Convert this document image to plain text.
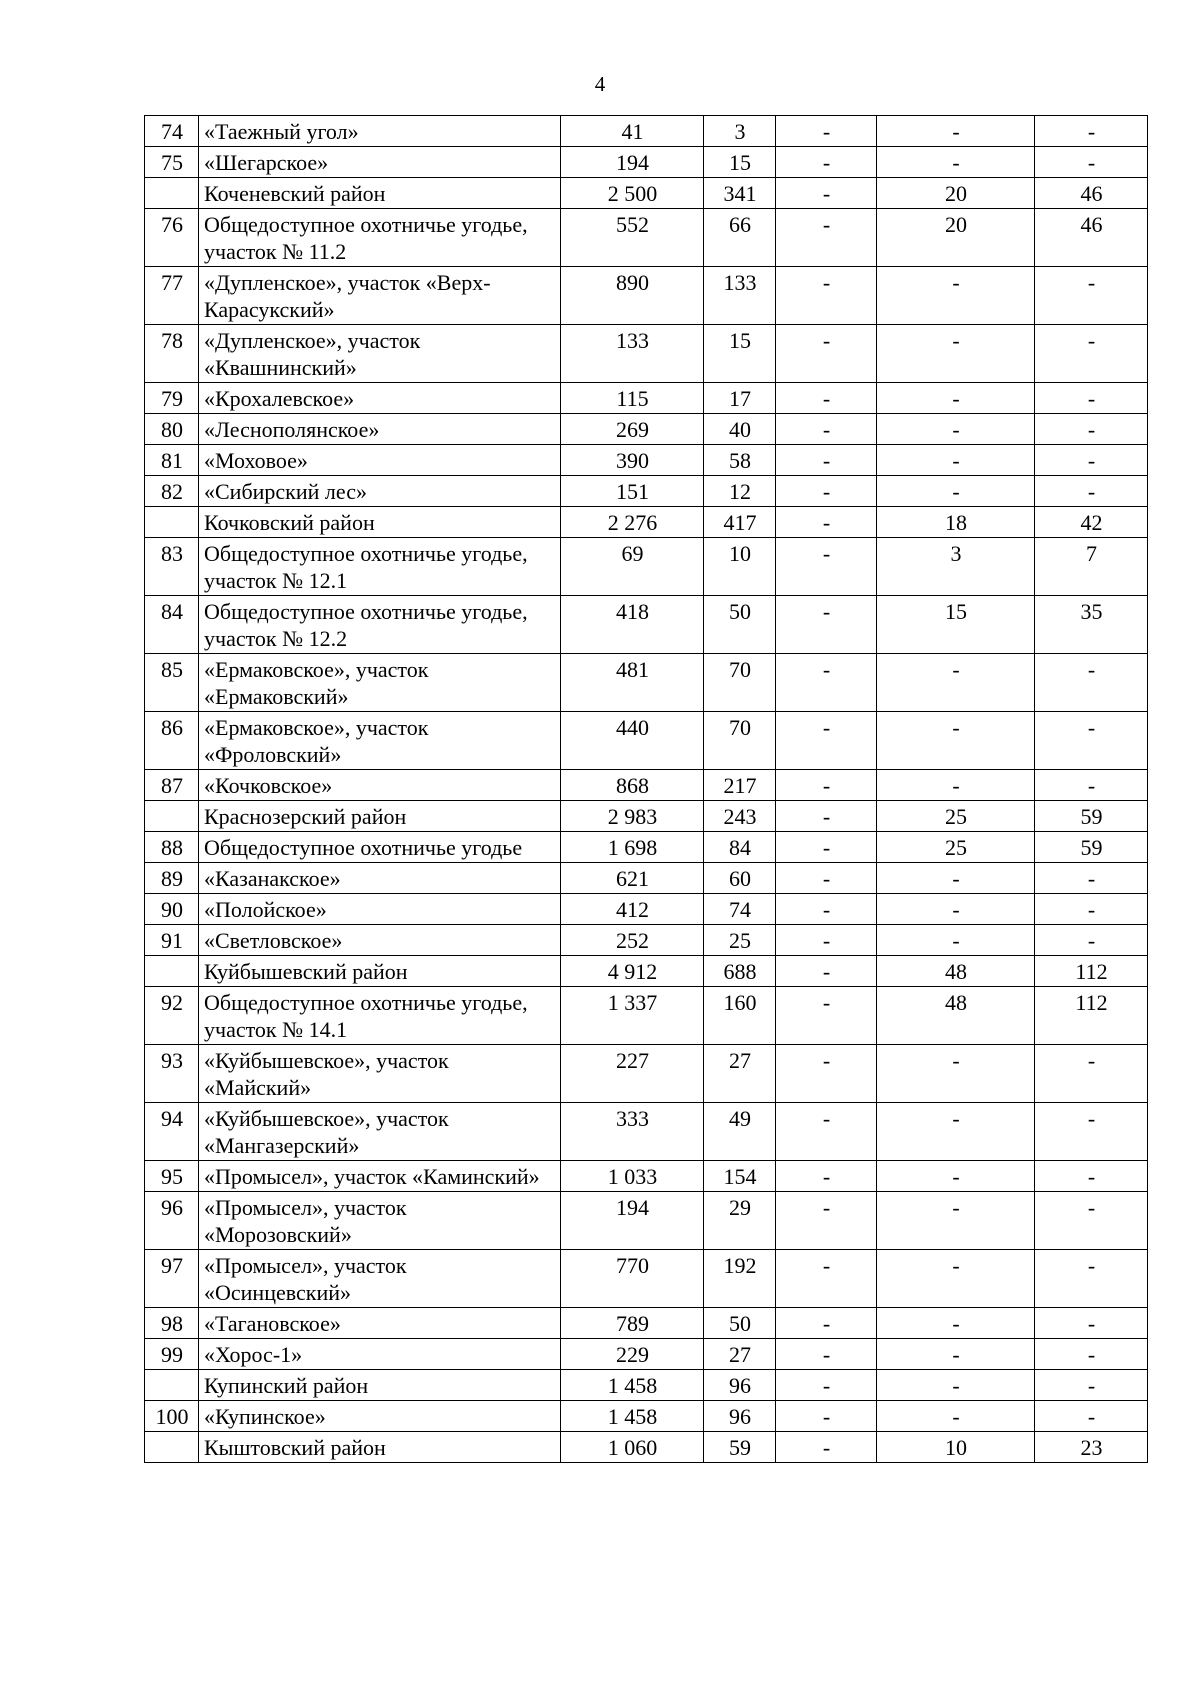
4
74	«Таежный угол»	41	3	-	-	-
75	«Шегарское»	194	15	-	-	-
	Коченевский район	2 500	341	-	20	46
76	Общедоступное охотничье угодье, участок № 11.2	552	66	-	20	46
77	«Дупленское», участок «Верх-Карасукский»	890	133	-	-	-
78	«Дупленское», участок «Квашнинский»	133	15	-	-	-
79	«Крохалевское»	115	17	-	-	-
80	«Леснополянское»	269	40	-	-	-
81	«Моховое»	390	58	-	-	-
82	«Сибирский лес»	151	12	-	-	-
	Кочковский район	2 276	417	-	18	42
83	Общедоступное охотничье угодье, участок № 12.1	69	10	-	3	7
84	Общедоступное охотничье угодье, участок № 12.2	418	50	-	15	35
85	«Ермаковское», участок «Ермаковский»	481	70	-	-	-
86	«Ермаковское», участок «Фроловский»	440	70	-	-	-
87	«Кочковское»	868	217	-	-	-
	Краснозерский район	2 983	243	-	25	59
88	Общедоступное охотничье угодье	1 698	84	-	25	59
89	«Казанакское»	621	60	-	-	-
90	«Полойское»	412	74	-	-	-
91	«Светловское»	252	25	-	-	-
	Куйбышевский район	4 912	688	-	48	112
92	Общедоступное охотничье угодье, участок № 14.1	1 337	160	-	48	112
93	«Куйбышевское», участок «Майский»	227	27	-	-	-
94	«Куйбышевское», участок «Мангазерский»	333	49	-	-	-
95	«Промысел», участок «Каминский»	1 033	154	-	-	-
96	«Промысел», участок «Морозовский»	194	29	-	-	-
97	«Промысел», участок «Осинцевский»	770	192	-	-	-
98	«Тагановское»	789	50	-	-	-
99	«Хорос-1»	229	27	-	-	-
	Купинский район	1 458	96	-	-	-
100	«Купинское»	1 458	96	-	-	-
	Кыштовский район	1 060	59	-	10	23
